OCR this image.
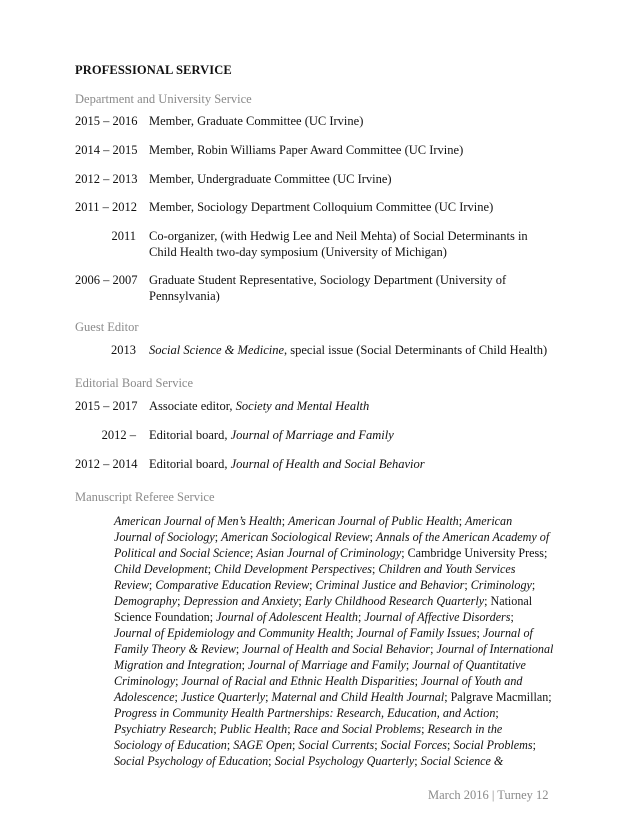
PROFESSIONAL SERVICE
Department and University Service
2015 – 2016 Member, Graduate Committee (UC Irvine)
2014 – 2015 Member, Robin Williams Paper Award Committee (UC Irvine)
2012 – 2013 Member, Undergraduate Committee (UC Irvine)
2011 – 2012 Member, Sociology Department Colloquium Committee (UC Irvine)
2011 Co-organizer, (with Hedwig Lee and Neil Mehta) of Social Determinants in Child Health two-day symposium (University of Michigan)
2006 – 2007 Graduate Student Representative, Sociology Department (University of Pennsylvania)
Guest Editor
2013 Social Science & Medicine, special issue (Social Determinants of Child Health)
Editorial Board Service
2015 – 2017 Associate editor, Society and Mental Health
2012 – Editorial board, Journal of Marriage and Family
2012 – 2014 Editorial board, Journal of Health and Social Behavior
Manuscript Referee Service
American Journal of Men’s Health; American Journal of Public Health; American
Journal of Sociology; American Sociological Review; Annals of the American Academy of
Political and Social Science; Asian Journal of Criminology; Cambridge University Press;
Child Development; Child Development Perspectives; Children and Youth Services
Review; Comparative Education Review; Criminal Justice and Behavior; Criminology;
Demography; Depression and Anxiety; Early Childhood Research Quarterly; National
Science Foundation; Journal of Adolescent Health; Journal of Affective Disorders;
Journal of Epidemiology and Community Health; Journal of Family Issues; Journal of
Family Theory & Review; Journal of Health and Social Behavior; Journal of International
Migration and Integration; Journal of Marriage and Family; Journal of Quantitative
Criminology; Journal of Racial and Ethnic Health Disparities; Journal of Youth and
Adolescence; Justice Quarterly; Maternal and Child Health Journal; Palgrave Macmillan;
Progress in Community Health Partnerships: Research, Education, and Action;
Psychiatry Research; Public Health; Race and Social Problems; Research in the
Sociology of Education; SAGE Open; Social Currents; Social Forces; Social Problems;
Social Psychology of Education; Social Psychology Quarterly; Social Science &
March 2016 | Turney 12
